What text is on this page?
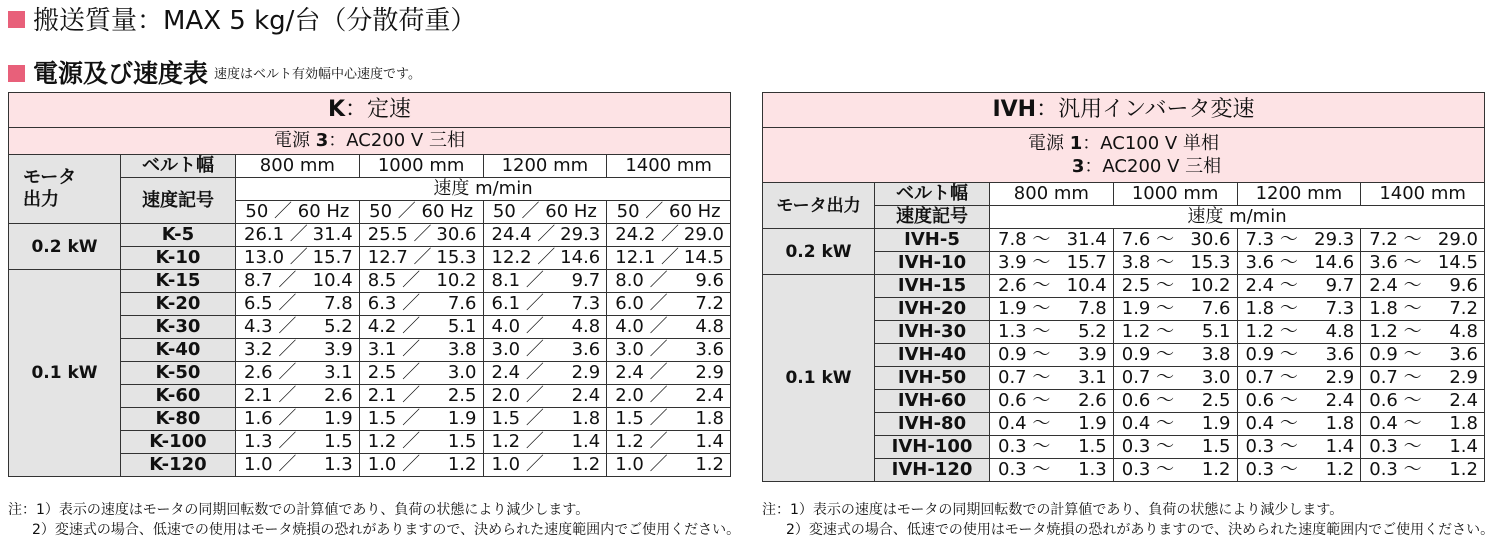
搬送質量：MAX 5 kg/台（分散荷重）
電源及び速度表 速度はベルト有効幅中心速度です。
K：定速					
電源 3：AC200 V 三相					
モータ
出力	ベルト幅	800 mm	1000 mm	1200 mm	1400 mm
	速度記号	速度 m/min			
		50 ／ 60 Hz	50 ／ 60 Hz	50 ／ 60 Hz	50 ／ 60 Hz
0.2 kW	K-5	26.1 ／ 31.4	25.5 ／ 30.6	24.4 ／ 29.3	24.2 ／ 29.0

	K-10	13.0 ／ 15.7	12.7 ／ 15.3	12.2 ／ 14.6	12.1 ／ 14.5

0.1 kW	K-15	8.7 ／ 10.4	8.5 ／ 10.2	8.1 ／ 9.7	8.0 ／ 9.6

	K-20	6.5 ／ 7.8	6.3 ／ 7.6	6.1 ／ 7.3	6.0 ／ 7.2

	K-30	4.3 ／ 5.2	4.2 ／ 5.1	4.0 ／ 4.8	4.0 ／ 4.8

	K-40	3.2 ／ 3.9	3.1 ／ 3.8	3.0 ／ 3.6	3.0 ／ 3.6

	K-50	2.6 ／ 3.1	2.5 ／ 3.0	2.4 ／ 2.9	2.4 ／ 2.9

	K-60	2.1 ／ 2.6	2.1 ／ 2.5	2.0 ／ 2.4	2.0 ／ 2.4

	K-80	1.6 ／ 1.9	1.5 ／ 1.9	1.5 ／ 1.8	1.5 ／ 1.8

	K-100	1.3 ／ 1.5	1.2 ／ 1.5	1.2 ／ 1.4	1.2 ／ 1.4

	K-120	1.0 ／ 1.3	1.0 ／ 1.2	1.0 ／ 1.2	1.0 ／ 1.2
IVH：汎用インバータ変速					

電源 1：AC100 V 単相
3：AC200 V 三相					

モータ出力	ベルト幅	800 mm	1000 mm	1200 mm	1400 mm
	速度記号	速度 m/min			
0.2 kW	IVH-5	7.8 ～ 31.4	7.6 ～ 30.6	7.3 ～ 29.3	7.2 ～ 29.0

	IVH-10	3.9 ～ 15.7	3.8 ～ 15.3	3.6 ～ 14.6	3.6 ～ 14.5

0.1 kW	IVH-15	2.6 ～ 10.4	2.5 ～ 10.2	2.4 ～ 9.7	2.4 ～ 9.6

	IVH-20	1.9 ～ 7.8	1.9 ～ 7.6	1.8 ～ 7.3	1.8 ～ 7.2

	IVH-30	1.3 ～ 5.2	1.2 ～ 5.1	1.2 ～ 4.8	1.2 ～ 4.8

	IVH-40	0.9 ～ 3.9	0.9 ～ 3.8	0.9 ～ 3.6	0.9 ～ 3.6

	IVH-50	0.7 ～ 3.1	0.7 ～ 3.0	0.7 ～ 2.9	0.7 ～ 2.9

	IVH-60	0.6 ～ 2.6	0.6 ～ 2.5	0.6 ～ 2.4	0.6 ～ 2.4

	IVH-80	0.4 ～ 1.9	0.4 ～ 1.9	0.4 ～ 1.8	0.4 ～ 1.8

	IVH-100	0.3 ～ 1.5	0.3 ～ 1.5	0.3 ～ 1.4	0.3 ～ 1.4

	IVH-120	0.3 ～ 1.3	0.3 ～ 1.2	0.3 ～ 1.2	0.3 ～ 1.2
注：1）表示の速度はモータの同期回転数での計算値であり、負荷の状態により減少します。
2）変速式の場合、低速での使用はモータ焼損の恐れがありますので、決められた速度範囲内でご使用ください。
注：1）表示の速度はモータの同期回転数での計算値であり、負荷の状態により減少します。
2）変速式の場合、低速での使用はモータ焼損の恐れがありますので、決められた速度範囲内でご使用ください。
